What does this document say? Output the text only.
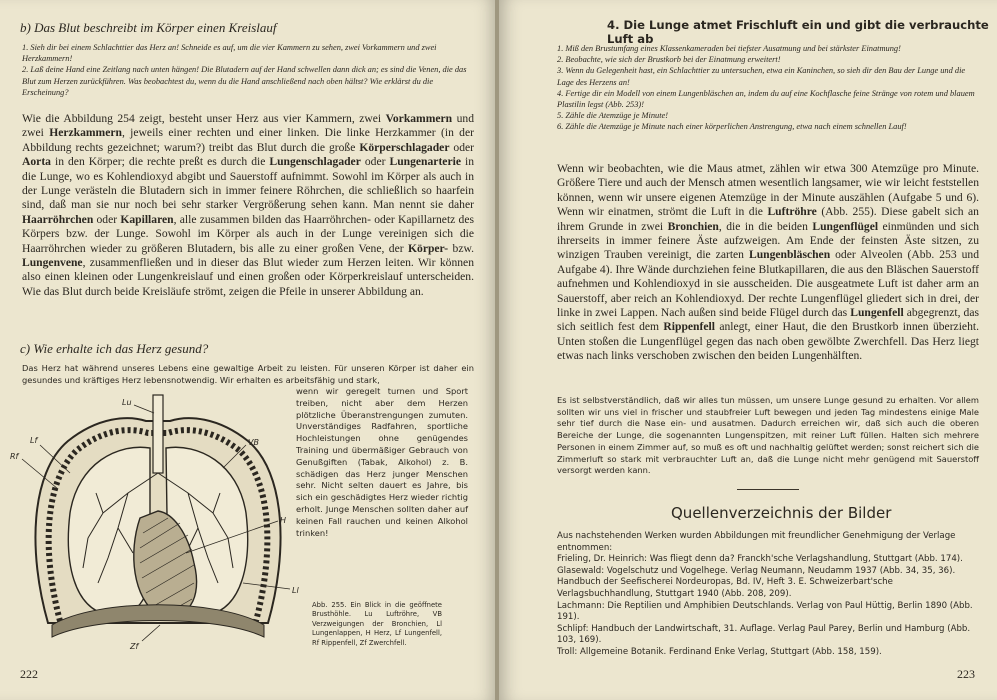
b) Das Blut beschreibt im Körper einen Kreislauf

1. Sieh dir bei einem Schlachttier das Herz an! Schneide es auf, um die vier Kammern zu sehen, zwei Vorkammern und zwei Herzkammern!

2. Laß deine Hand eine Zeitlang nach unten hängen! Die Blutadern auf der Hand schwellen dann dick an; es sind die Venen, die das Blut zum Herzen zurückführen. Was beobachtest du, wenn du die Hand anschließend nach oben hältst? Wie erklärst du die Erscheinung?

Wie die Abbildung 254 zeigt, besteht unser Herz aus vier Kammern, zwei Vorkammern und zwei Herzkammern, jeweils einer rechten und einer linken. Die linke Herzkammer (in der Abbildung rechts gezeichnet; warum?) treibt das Blut durch die große Körperschlagader oder Aorta in den Körper; die rechte preßt es durch die Lungenschlagader oder Lungenarterie in die Lunge, wo es Kohlendioxyd abgibt und Sauerstoff aufnimmt. Sowohl im Körper als auch in der Lunge verästeln die Blutadern sich in immer feinere Röhrchen, die schließlich so haarfein sind, daß man sie nur noch bei sehr starker Vergrößerung sehen kann. Man nennt sie daher Haarröhrchen oder Kapillaren, alle zusammen bilden das Haarröhrchen- oder Kapillarnetz des Körpers bzw. der Lunge. Sowohl im Körper als auch in der Lunge vereinigen sich die Haarröhrchen wieder zu größeren Blutadern, bis alle zu einer großen Vene, der Körper- bzw. Lungenvene, zusammenfließen und in dieser das Blut wieder zum Herzen leiten. Wir können also einen kleinen oder Lungenkreislauf und einen großen oder Körperkreislauf unterscheiden. Wie das Blut durch beide Kreisläufe strömt, zeigen die Pfeile in unserer Abbildung an.

c) Wie erhalte ich das Herz gesund?
Das Herz hat während unseres Lebens eine gewaltige Arbeit zu leisten. Für unseren Körper ist daher ein gesundes und kräftiges Herz lebensnotwendig. Wir erhalten es arbeitsfähig und stark,
wenn wir geregelt turnen und Sport treiben, nicht aber dem Herzen plötzliche Überanstrengungen zumuten. Unverständiges Radfahren, sportliche Hochleistungen ohne genügendes Training und übermäßiger Gebrauch von Genußgiften (Tabak, Alkohol) z. B. schädigen das Herz junger Menschen sehr. Nicht selten dauert es Jahre, bis sich ein geschädigtes Herz wieder richtig erholt. Junge Menschen sollten daher auf keinen Fall rauchen und keinen Alkohol trinken!
Abb. 255. Ein Blick in die geöffnete Brusthöhle. Lu Luftröhre, VB Verzweigungen der Bronchien, Ll Lungenlappen, H Herz, Lf Lungenfell, Rf Rippenfell, Zf Zwerchfell.
Lu
Lf	VB
Rf
H
Ll
Zf
222
4. Die Lunge atmet Frischluft ein und gibt die verbrauchte Luft ab

1. Miß den Brustumfang eines Klassenkameraden bei tiefster Ausatmung und bei stärkster Einatmung!

2. Beobachte, wie sich der Brustkorb bei der Einatmung erweitert!

3. Wenn du Gelegenheit hast, ein Schlachttier zu untersuchen, etwa ein Kaninchen, so sieh dir den Bau der Lunge und die Lage des Herzens an!

4. Fertige dir ein Modell von einem Lungenbläschen an, indem du auf eine Kochflasche feine Stränge von rotem und blauem Plastilin legst (Abb. 253)!

5. Zähle die Atemzüge je Minute!

6. Zähle die Atemzüge je Minute nach einer körperlichen Anstrengung, etwa nach einem schnellen Lauf!

Wenn wir beobachten, wie die Maus atmet, zählen wir etwa 300 Atemzüge pro Minute. Größere Tiere und auch der Mensch atmen wesentlich langsamer, wie wir leicht feststellen können, wenn wir unsere eigenen Atemzüge in der Minute auszählen (Aufgabe 5 und 6). Wenn wir einatmen, strömt die Luft in die Luftröhre (Abb. 255). Diese gabelt sich an ihrem Grunde in zwei Bronchien, die in die beiden Lungenflügel einmünden und sich ihrerseits in immer feinere Äste aufzweigen. Am Ende der feinsten Äste sitzen, zu winzigen Trauben vereinigt, die zarten Lungenbläschen oder Alveolen (Abb. 253 und Aufgabe 4). Ihre Wände durchziehen feine Blutkapillaren, die aus den Bläschen Sauerstoff aufnehmen und Kohlendioxyd in sie ausscheiden. Die ausgeatmete Luft ist daher arm an Sauerstoff, aber reich an Kohlendioxyd. Der rechte Lungenflügel gliedert sich in drei, der linke in zwei Lappen. Nach außen sind beide Flügel durch das Lungenfell abgegrenzt, das sich seitlich fest dem Rippenfell anlegt, einer Haut, die den Brustkorb innen überzieht. Unten stoßen die Lungenflügel gegen das nach oben gewölbte Zwerchfell. Das Herz liegt etwas nach links verschoben zwischen den beiden Lungenhälften.

Es ist selbstverständlich, daß wir alles tun müssen, um unsere Lunge gesund zu erhalten. Vor allem sollten wir uns viel in frischer und staubfreier Luft bewegen und jeden Tag mindestens einige Male sehr tief durch die Nase ein- und ausatmen. Dadurch erreichen wir, daß sich auch die oberen Bereiche der Lunge, die sogenannten Lungenspitzen, mit reiner Luft füllen. Halten sich mehrere Personen in einem Zimmer auf, so muß es oft und nachhaltig gelüftet werden; sonst reichert sich die Zimmerluft so stark mit verbrauchter Luft an, daß die Lunge nicht mehr genügend mit Sauerstoff versorgt werden kann.
Quellenverzeichnis der Bilder

Aus nachstehenden Werken wurden Abbildungen mit freundlicher Genehmigung der Verlage entnommen:

Frieling, Dr. Heinrich: Was fliegt denn da? Franckh'sche Verlagshandlung, Stuttgart (Abb. 174).

Glasewald: Vogelschutz und Vogelhege. Verlag Neumann, Neudamm 1937 (Abb. 34, 35, 36).

Handbuch der Seefischerei Nordeuropas, Bd. IV, Heft 3. E. Schweizerbart'sche Verlagsbuchhandlung, Stuttgart 1940 (Abb. 208, 209).

Lachmann: Die Reptilien und Amphibien Deutschlands. Verlag von Paul Hüttig, Berlin 1890 (Abb. 191).

Schlipf: Handbuch der Landwirtschaft, 31. Auflage. Verlag Paul Parey, Berlin und Hamburg (Abb. 103, 169).

Troll: Allgemeine Botanik. Ferdinand Enke Verlag, Stuttgart (Abb. 158, 159).

223
